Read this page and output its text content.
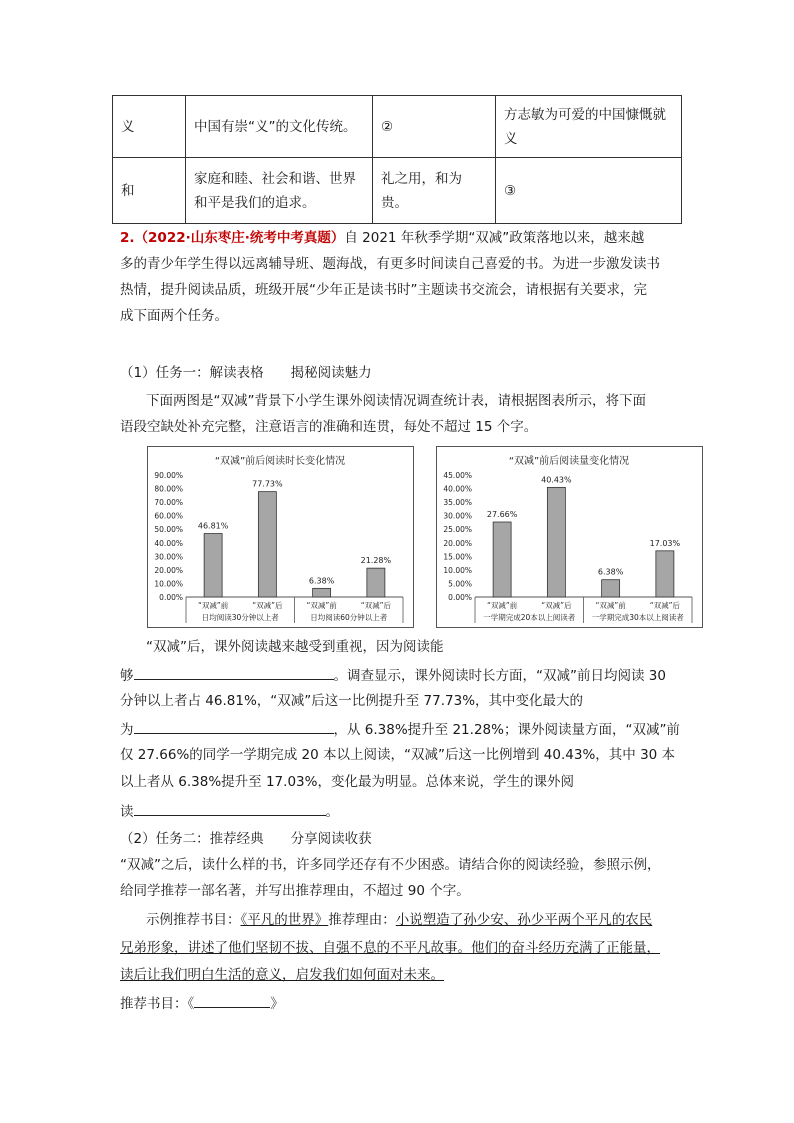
义	中国有崇“义”的文化传统。	②	方志敏为可爱的中国慷慨就义
和	家庭和睦、社会和谐、世界和平是我们的追求。	礼之用，和为贵。	③
2.（2022·山东枣庄·统考中考真题）自 2021 年秋季学期“双减”政策落地以来，越来越
多的青少年学生得以远离辅导班、题海战，有更多时间读自己喜爱的书。为进一步激发读书
热情，提升阅读品质，班级开展“少年正是读书时”主题读书交流会，请根据有关要求，完
成下面两个任务。
（1）任务一：解读表格　　揭秘阅读魅力
下面两图是“双减”背景下小学生课外阅读情况调查统计表，请根据图表所示，将下面
语段空缺处补充完整，注意语言的准确和连贯，每处不超过 15 个字。
“双减”前后阅读时长变化情况
0.00%
10.00%
20.00%
30.00%
40.00%
50.00%
60.00%
70.00%
80.00%
90.00%
46.81%
“双减”前
77.73%
“双减”后
6.38%
“双减”前
21.28%
“双减”后
日均阅读30分钟以上者	日均阅读60分钟以上者
“双减”前后阅读量变化情况
0.00%
5.00%
10.00%
15.00%
20.00%
25.00%
30.00%
35.00%
40.00%
45.00%
27.66%
“双减”前
40.43%
“双减”后
6.38%
“双减”前
17.03%
“双减”后
一学期完成20本以上阅读者 一学期完成30本以上阅读者
“双减”后，课外阅读越来越受到重视，因为阅读能
够	。调查显示，课外阅读时长方面，“双减”前日均阅读 30
分钟以上者占 46.81%，“双减”后这一比例提升至 77.73%，其中变化最大的
为	，从 6.38%提升至 21.28%；课外阅读量方面，“双减”前
仅 27.66%的同学一学期完成 20 本以上阅读，“双减”后这一比例增到 40.43%，其中 30 本
以上者从 6.38%提升至 17.03%，变化最为明显。总体来说，学生的课外阅
读	。
（2）任务二：推荐经典　　分享阅读收获
“双减”之后，读什么样的书，许多同学还存有不少困惑。请结合你的阅读经验，参照示例，
给同学推荐一部名著，并写出推荐理由，不超过 90 个字。
示例推荐书目：《平凡的世界》推荐理由：小说塑造了孙少安、孙少平两个平凡的农民
兄弟形象，讲述了他们坚韧不拔、自强不息的不平凡故事。他们的奋斗经历充满了正能量，
读后让我们明白生活的意义，启发我们如何面对未来。
推荐书目：《	》
